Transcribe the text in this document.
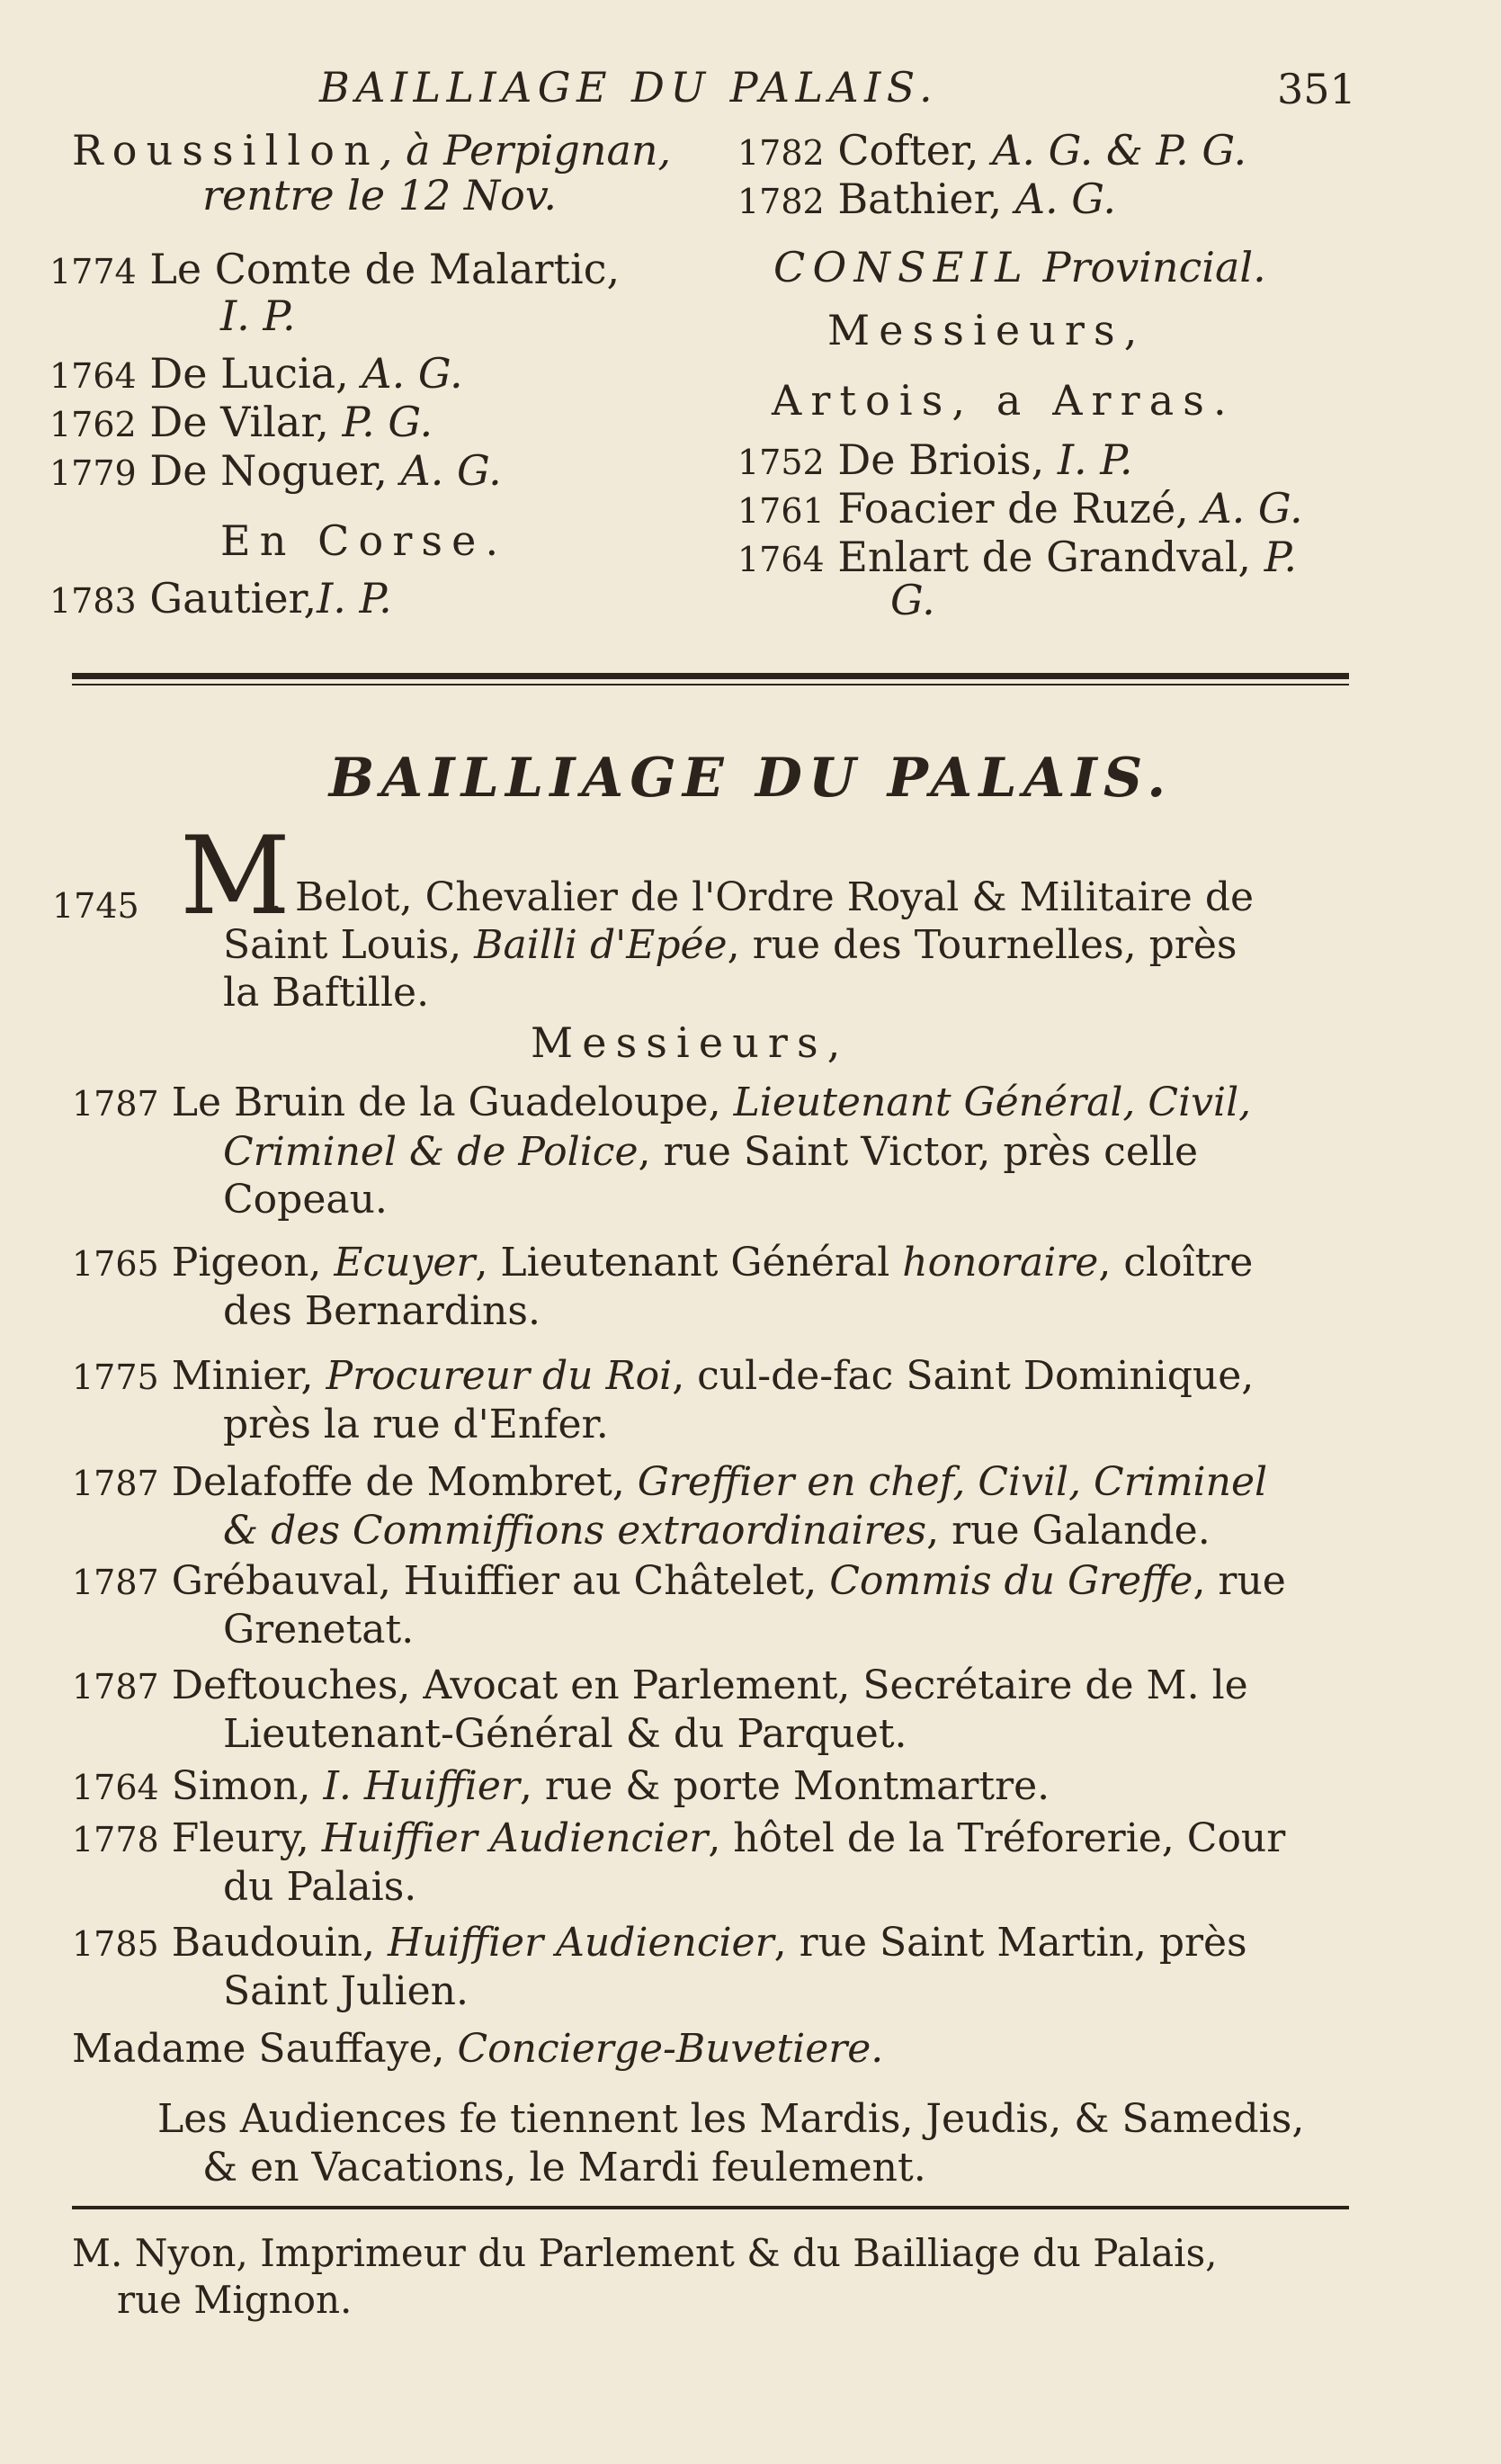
BAILLIAGE DU PALAIS.	351
Roussillon, à Perpignan,
rentre le 12 Nov.
1774 Le Comte de Malartic,
I. P.
1764 De Lucia, A. G.
1762 De Vilar, P. G.
1779 De Noguer, A. G.
En Corse.
1783 Gautier,I. P.
1782 Cofter, A. G. & P. G.
1782 Bathier, A. G.
CONSEIL Provincial.
Messieurs,
Artois, a Arras.
1752 De Briois, I. P.
1761 Foacier de Ruzé, A. G.
1764 Enlart de Grandval, P.
G.
BAILLIAGE DU PALAIS.
1745 M
. Belot, Chevalier de l'Ordre Royal & Militaire de
Saint Louis, Bailli d'Epée, rue des Tournelles, près
la Baftille.
Messieurs,
1787 Le Bruin de la Guadeloupe, Lieutenant Général, Civil,
Criminel & de Police, rue Saint Victor, près celle
Copeau.
1765 Pigeon, Ecuyer, Lieutenant Général honoraire, cloître
des Bernardins.
1775 Minier, Procureur du Roi, cul-de-fac Saint Dominique,
près la rue d'Enfer.
1787 Delafoffe de Mombret, Greffier en chef, Civil, Criminel
& des Commiffions extraordinaires, rue Galande.
1787 Grébauval, Huiffier au Châtelet, Commis du Greffe, rue
Grenetat.
1787 Deftouches, Avocat en Parlement, Secrétaire de M. le
Lieutenant-Général & du Parquet.
1764 Simon, I. Huiffier, rue & porte Montmartre.
1778 Fleury, Huiffier Audiencier, hôtel de la Tréforerie, Cour
du Palais.
1785 Baudouin, Huiffier Audiencier, rue Saint Martin, près
Saint Julien.
Madame Sauffaye, Concierge-Buvetiere.
Les Audiences fe tiennent les Mardis, Jeudis, & Samedis,
& en Vacations, le Mardi feulement.
M. Nyon, Imprimeur du Parlement & du Bailliage du Palais,
rue Mignon.
